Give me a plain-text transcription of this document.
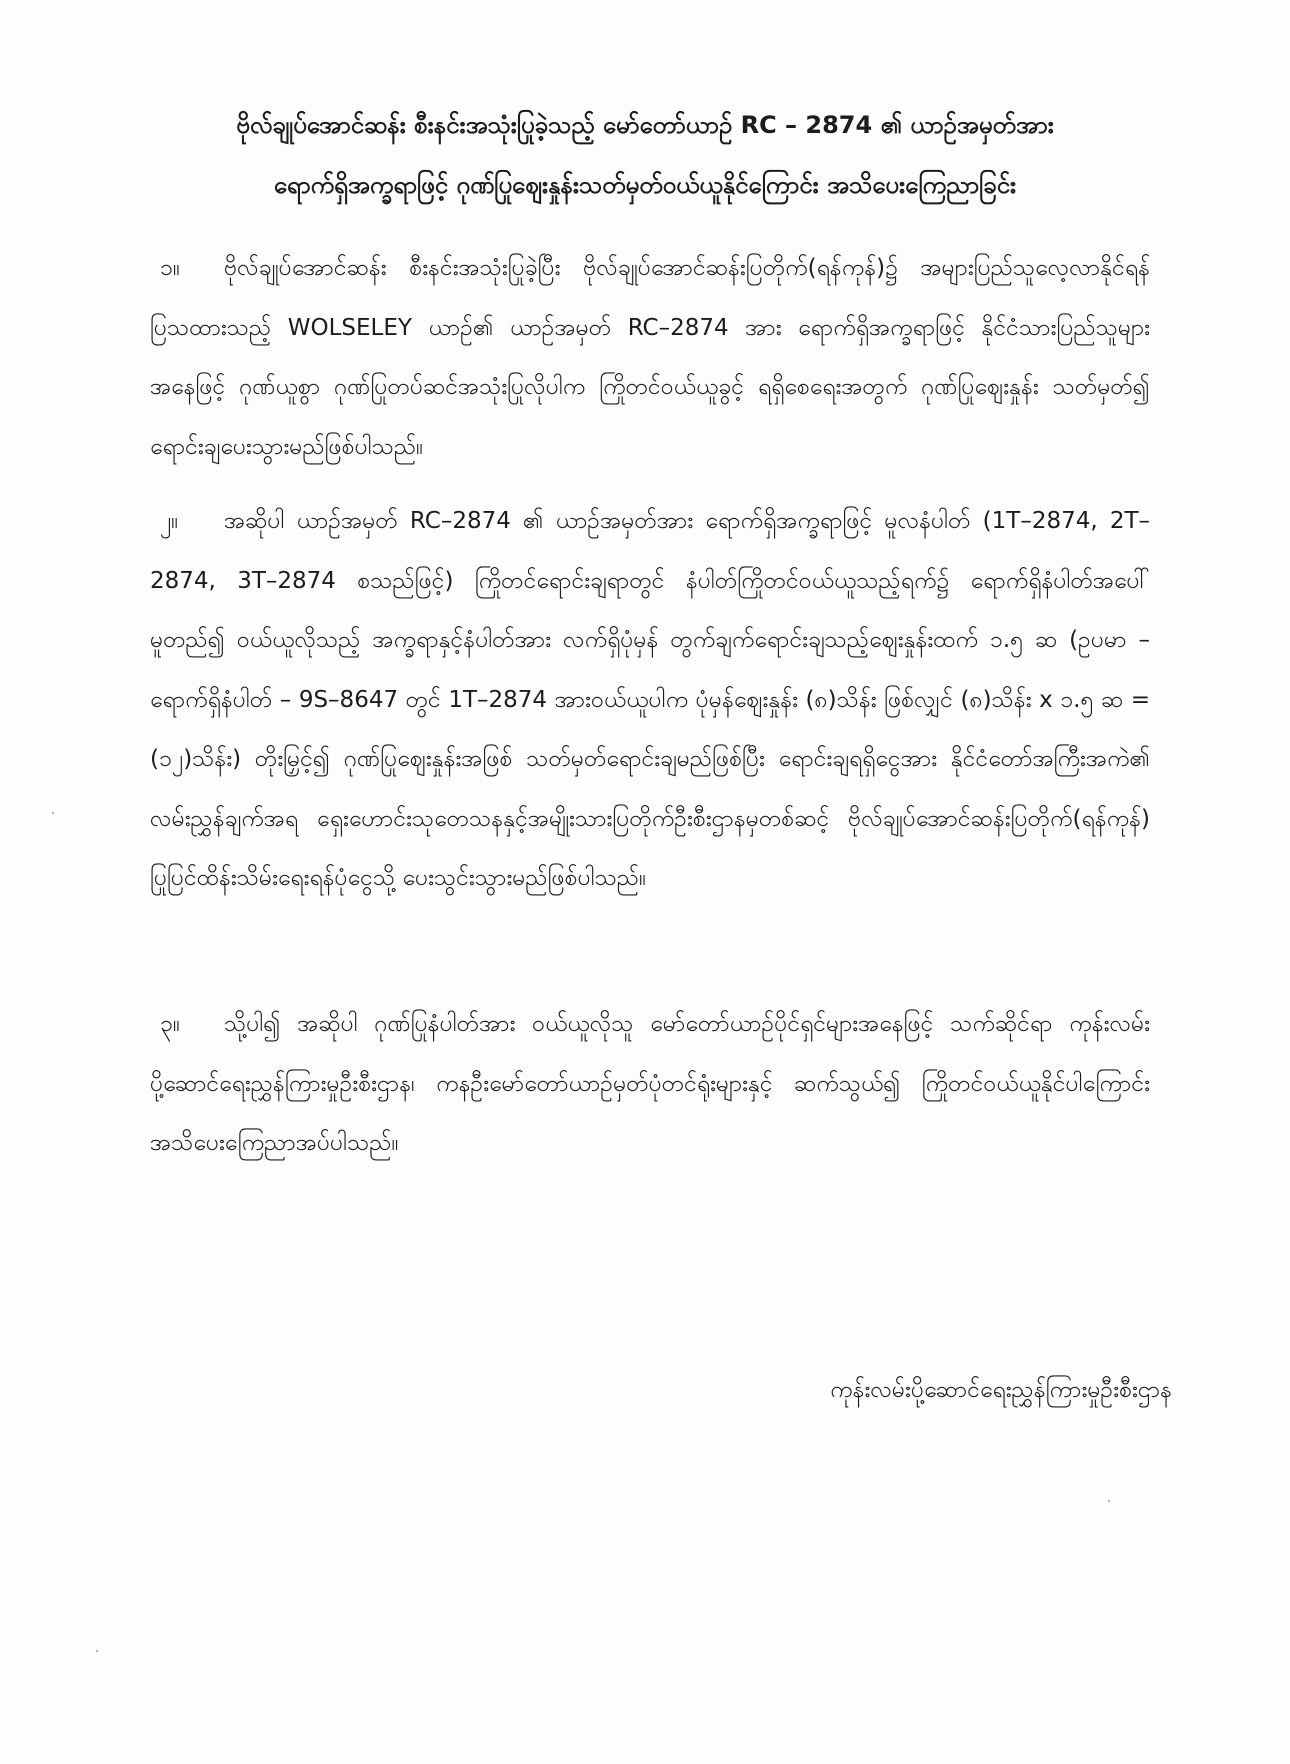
ဗိုလ်ချုပ်အောင်ဆန်း စီးနင်းအသုံးပြုခဲ့သည့် မော်တော်ယာဉ် RC – 2874 ၏ ယာဉ်အမှတ်အား
ရောက်ရှိအက္ခရာဖြင့် ဂုဏ်ပြုဈေးနှုန်းသတ်မှတ်ဝယ်ယူနိုင်ကြောင်း အသိပေးကြေညာခြင်း
၁။ ဗိုလ်ချုပ်အောင်ဆန်း စီးနင်းအသုံးပြုခဲ့ပြီး ဗိုလ်ချုပ်အောင်ဆန်းပြတိုက်(ရန်ကုန်)၌ အများပြည်သူလေ့လာနိုင်ရန် ပြသထားသည့် WOLSELEY ယာဉ်၏ ယာဉ်အမှတ် RC–2874 အား ရောက်ရှိအက္ခရာဖြင့် နိုင်ငံသားပြည်သူများအနေဖြင့် ဂုဏ်ယူစွာ ဂုဏ်ပြုတပ်ဆင်အသုံးပြုလိုပါက ကြိုတင်ဝယ်ယူခွင့် ရရှိစေရေးအတွက် ဂုဏ်ပြုဈေးနှုန်း သတ်မှတ်၍ ရောင်းချပေးသွားမည်ဖြစ်ပါသည်။
၂။ အဆိုပါ ယာဉ်အမှတ် RC–2874 ၏ ယာဉ်အမှတ်အား ရောက်ရှိအက္ခရာဖြင့် မူလနံပါတ် (1T–2874, 2T–2874, 3T–2874 စသည်ဖြင့်) ကြိုတင်ရောင်းချရာတွင် နံပါတ်ကြိုတင်ဝယ်ယူသည့်ရက်၌ ရောက်ရှိနံပါတ်အပေါ်မူတည်၍ ဝယ်ယူလိုသည့် အက္ခရာနှင့်နံပါတ်အား လက်ရှိပုံမှန် တွက်ချက်ရောင်းချသည့်ဈေးနှုန်းထက် ၁.၅ ဆ (ဥပမာ – ရောက်ရှိနံပါတ် – 9S–8647 တွင် 1T–2874 အားဝယ်ယူပါက ပုံမှန်ဈေးနှုန်း (၈)သိန်း ဖြစ်လျှင် (၈)သိန်း x ၁.၅ ဆ = (၁၂)သိန်း) တိုးမြှင့်၍ ဂုဏ်ပြုဈေးနှုန်းအဖြစ် သတ်မှတ်ရောင်းချမည်ဖြစ်ပြီး ရောင်းချရရှိငွေအား နိုင်ငံတော်အကြီးအကဲ၏ လမ်းညွှန်ချက်အရ ရှေးဟောင်းသုတေသနနှင့်အမျိုးသားပြတိုက်ဦးစီးဌာနမှတစ်ဆင့် ဗိုလ်ချုပ်အောင်ဆန်းပြတိုက်(ရန်ကုန်) ပြုပြင်ထိန်းသိမ်းရေးရန်ပုံငွေသို့ ပေးသွင်းသွားမည်ဖြစ်ပါသည်။
၃။ သို့ပါ၍ အဆိုပါ ဂုဏ်ပြုနံပါတ်အား ဝယ်ယူလိုသူ မော်တော်ယာဉ်ပိုင်ရှင်များအနေဖြင့် သက်ဆိုင်ရာ ကုန်းလမ်းပို့ဆောင်ရေးညွှန်ကြားမှုဦးစီးဌာန၊ ကနဦးမော်တော်ယာဉ်မှတ်ပုံတင်ရုံးများနှင့် ဆက်သွယ်၍ ကြိုတင်ဝယ်ယူနိုင်ပါကြောင်း အသိပေးကြေညာအပ်ပါသည်။
ကုန်းလမ်းပို့ဆောင်ရေးညွှန်ကြားမှုဦးစီးဌာန
